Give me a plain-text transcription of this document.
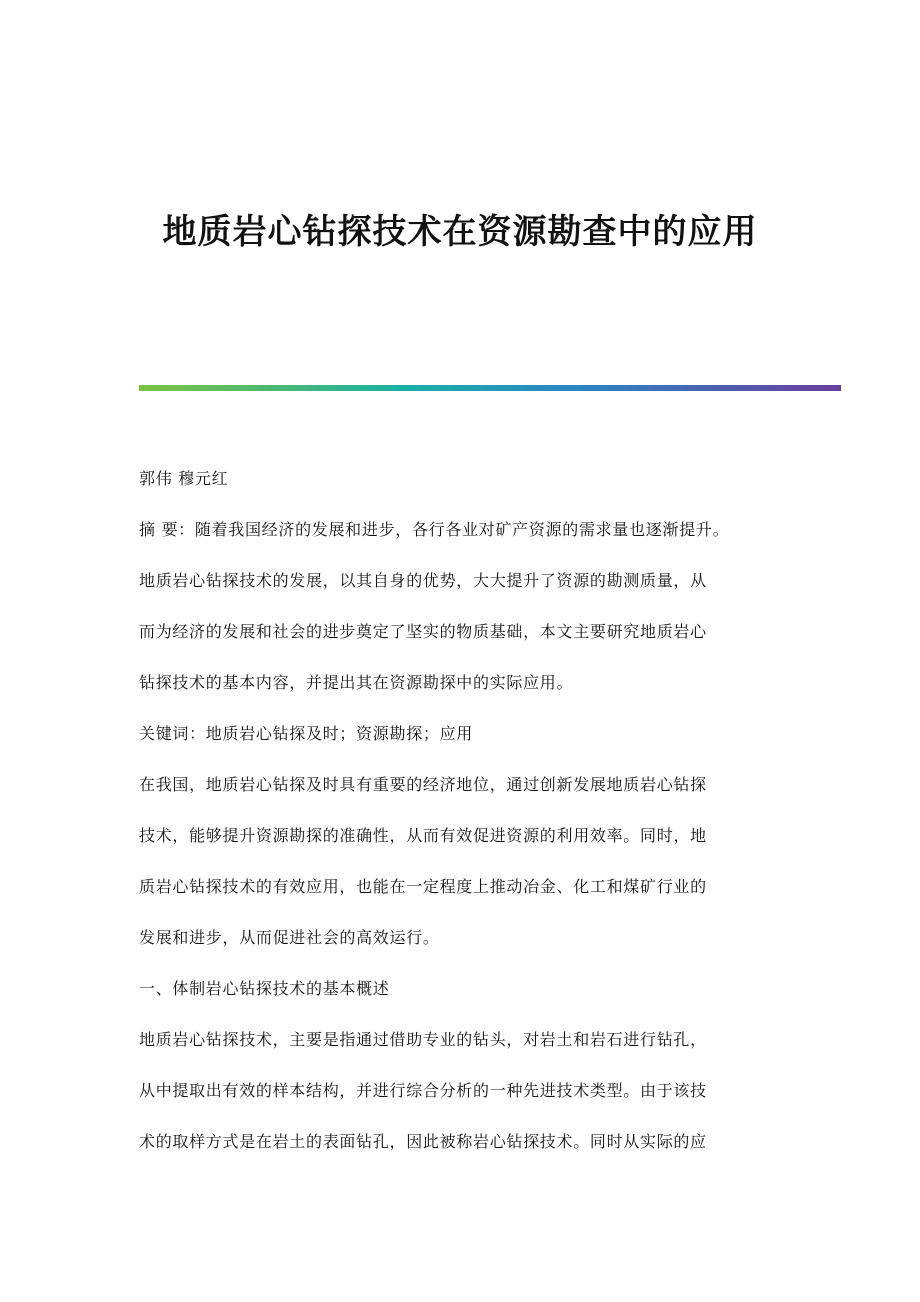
地质岩心钻探技术在资源勘查中的应用
郭伟 穆元红
摘 要：随着我国经济的发展和进步，各行各业对矿产资源的需求量也逐渐提升。
地质岩心钻探技术的发展，以其自身的优势，大大提升了资源的勘测质量，从
而为经济的发展和社会的进步奠定了坚实的物质基础，本文主要研究地质岩心
钻探技术的基本内容，并提出其在资源勘探中的实际应用。
关键词：地质岩心钻探及时；资源勘探；应用
在我国，地质岩心钻探及时具有重要的经济地位，通过创新发展地质岩心钻探
技术，能够提升资源勘探的准确性，从而有效促进资源的利用效率。同时，地
质岩心钻探技术的有效应用，也能在一定程度上推动冶金、化工和煤矿行业的
发展和进步，从而促进社会的高效运行。
一、体制岩心钻探技术的基本概述
地质岩心钻探技术，主要是指通过借助专业的钻头，对岩土和岩石进行钻孔，
从中提取出有效的样本结构，并进行综合分析的一种先进技术类型。由于该技
术的取样方式是在岩土的表面钻孔，因此被称岩心钻探技术。同时从实际的应
